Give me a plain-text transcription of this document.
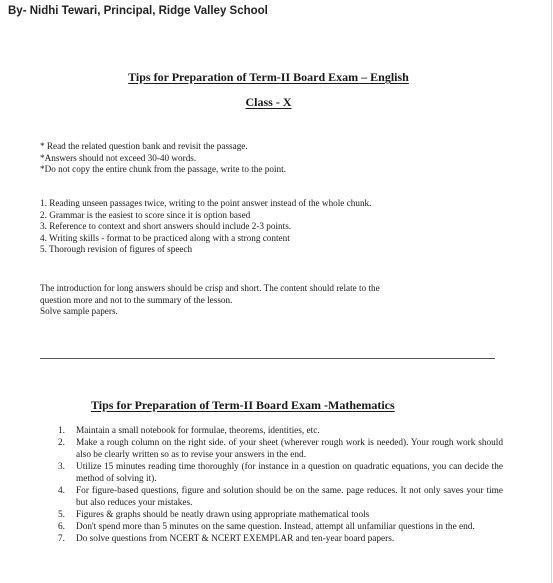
By- Nidhi Tewari, Principal, Ridge Valley School
Tips for Preparation of Term-II Board Exam – English
Class - X
* Read the related question bank and revisit the passage.
*Answers should not exceed 30-40 words.
*Do not copy the entire chunk from the passage, write to the point.
1. Reading unseen passages twice, writing to the point answer instead of the whole chunk.
2. Grammar is the easiest to score since it is option based
3. Reference to context and short answers should include 2-3 points.
4. Writing skills - format to be practiced along with a strong content
5. Thorough revision of figures of speech
The introduction for long answers should be crisp and short. The content should relate to the
question more and not to the summary of the lesson.
Solve sample papers.
Tips for Preparation of Term-II Board Exam -Mathematics
1. Maintain a small notebook for formulae, theorems, identities, etc.
2. Make a rough column on the right side. of your sheet (wherever rough work is needed). Your rough work should also be clearly written so as to revise your answers in the end.
3. Utilize 15 minutes reading time thoroughly (for instance in a question on quadratic equations, you can decide the method of solving it).
4. For figure-based questions, figure and solution should be on the same. page reduces. It not only saves your time but also reduces your mistakes.
5. Figures & graphs should be neatly drawn using appropriate mathematical tools
6. Don't spend more than 5 minutes on the same question. Instead, attempt all unfamiliar questions in the end.
7. Do solve questions from NCERT & NCERT EXEMPLAR and ten-year board papers.
